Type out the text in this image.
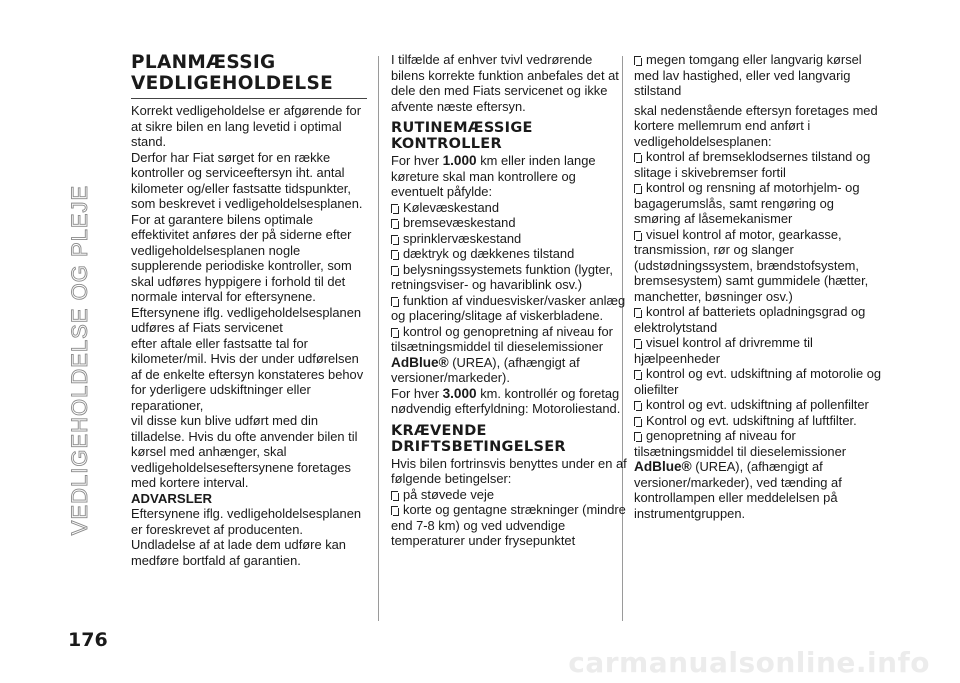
VEDLIGEHOLDELSE OG PLEJE
176
carmanualsonline.info
PLANMÆSSIG
VEDLIGEHOLDELSE

Korrekt vedligeholdelse er afgørende for at sikre bilen en lang levetid i optimal stand.

Derfor har Fiat sørget for en række kontroller og serviceeftersyn iht. antal kilometer og/eller fastsatte tidspunkter, som beskrevet i vedligeholdelsesplanen.

For at garantere bilens optimale effektivitet anføres der på siderne efter vedligeholdelsesplanen nogle supplerende periodiske kontroller, som skal udføres hyppigere i forhold til det normale interval for eftersynene.

Eftersynene iflg. vedligeholdelsesplanen udføres af Fiats servicenet

efter aftale eller fastsatte tal for kilometer/mil. Hvis der under udførelsen af de enkelte eftersyn konstateres behov for yderligere udskiftninger eller reparationer,

vil disse kun blive udført med din tilladelse. Hvis du ofte anvender bilen til kørsel med anhænger, skal vedligeholdelseseftersynene foretages med kortere interval.

ADVARSLER

Eftersynene iflg. vedligeholdelsesplanen er foreskrevet af producenten.

Undladelse af at lade dem udføre kan medføre bortfald af garantien.

I tilfælde af enhver tvivl vedrørende bilens korrekte funktion anbefales det at dele den med Fiats servicenet og ikke afvente næste eftersyn.

RUTINEMÆSSIGE
KONTROLLER

For hver 1.000 km eller inden lange køreture skal man kontrollere og eventuelt påfylde:

Kølevæskestand
bremsevæskestand
sprinklervæskestand
dæktryk og dækkenes tilstand
belysningssystemets funktion (lygter, retningsviser- og havariblink osv.)
funktion af vinduesvisker/vasker anlæg og placering/slitage af viskerbladene.
kontrol og genopretning af niveau for tilsætningsmiddel til dieselemissioner AdBlue® (UREA), (afhængigt af versioner/markeder).

For hver 3.000 km. kontrollér og foretag nødvendig efterfyldning: Motoroliestand.

KRÆVENDE
DRIFTSBETINGELSER

Hvis bilen fortrinsvis benyttes under en af følgende betingelser:

på støvede veje
korte og gentagne strækninger (mindre end 7-8 km) og ved udvendige temperaturer under frysepunktet
megen tomgang eller langvarig kørsel med lav hastighed, eller ved langvarig stilstand

skal nedenstående eftersyn foretages med kortere mellemrum end anført i vedligeholdelsesplanen:

kontrol af bremseklodsernes tilstand og slitage i skivebremser fortil
kontrol og rensning af motorhjelm- og bagagerumslås, samt rengøring og smøring af låsemekanismer
visuel kontrol af motor, gearkasse, transmission, rør og slanger (udstødningssystem, brændstofsystem, bremsesystem) samt gummidele (hætter, manchetter, bøsninger osv.)
kontrol af batteriets opladningsgrad og elektrolytstand
visuel kontrol af drivremme til hjælpeenheder
kontrol og evt. udskiftning af motorolie og oliefilter
kontrol og evt. udskiftning af pollenfilter
Kontrol og evt. udskiftning af luftfilter.
genopretning af niveau for tilsætningsmiddel til dieselemissioner AdBlue® (UREA), (afhængigt af versioner/markeder), ved tænding af kontrollampen eller meddelelsen på instrumentgruppen.
